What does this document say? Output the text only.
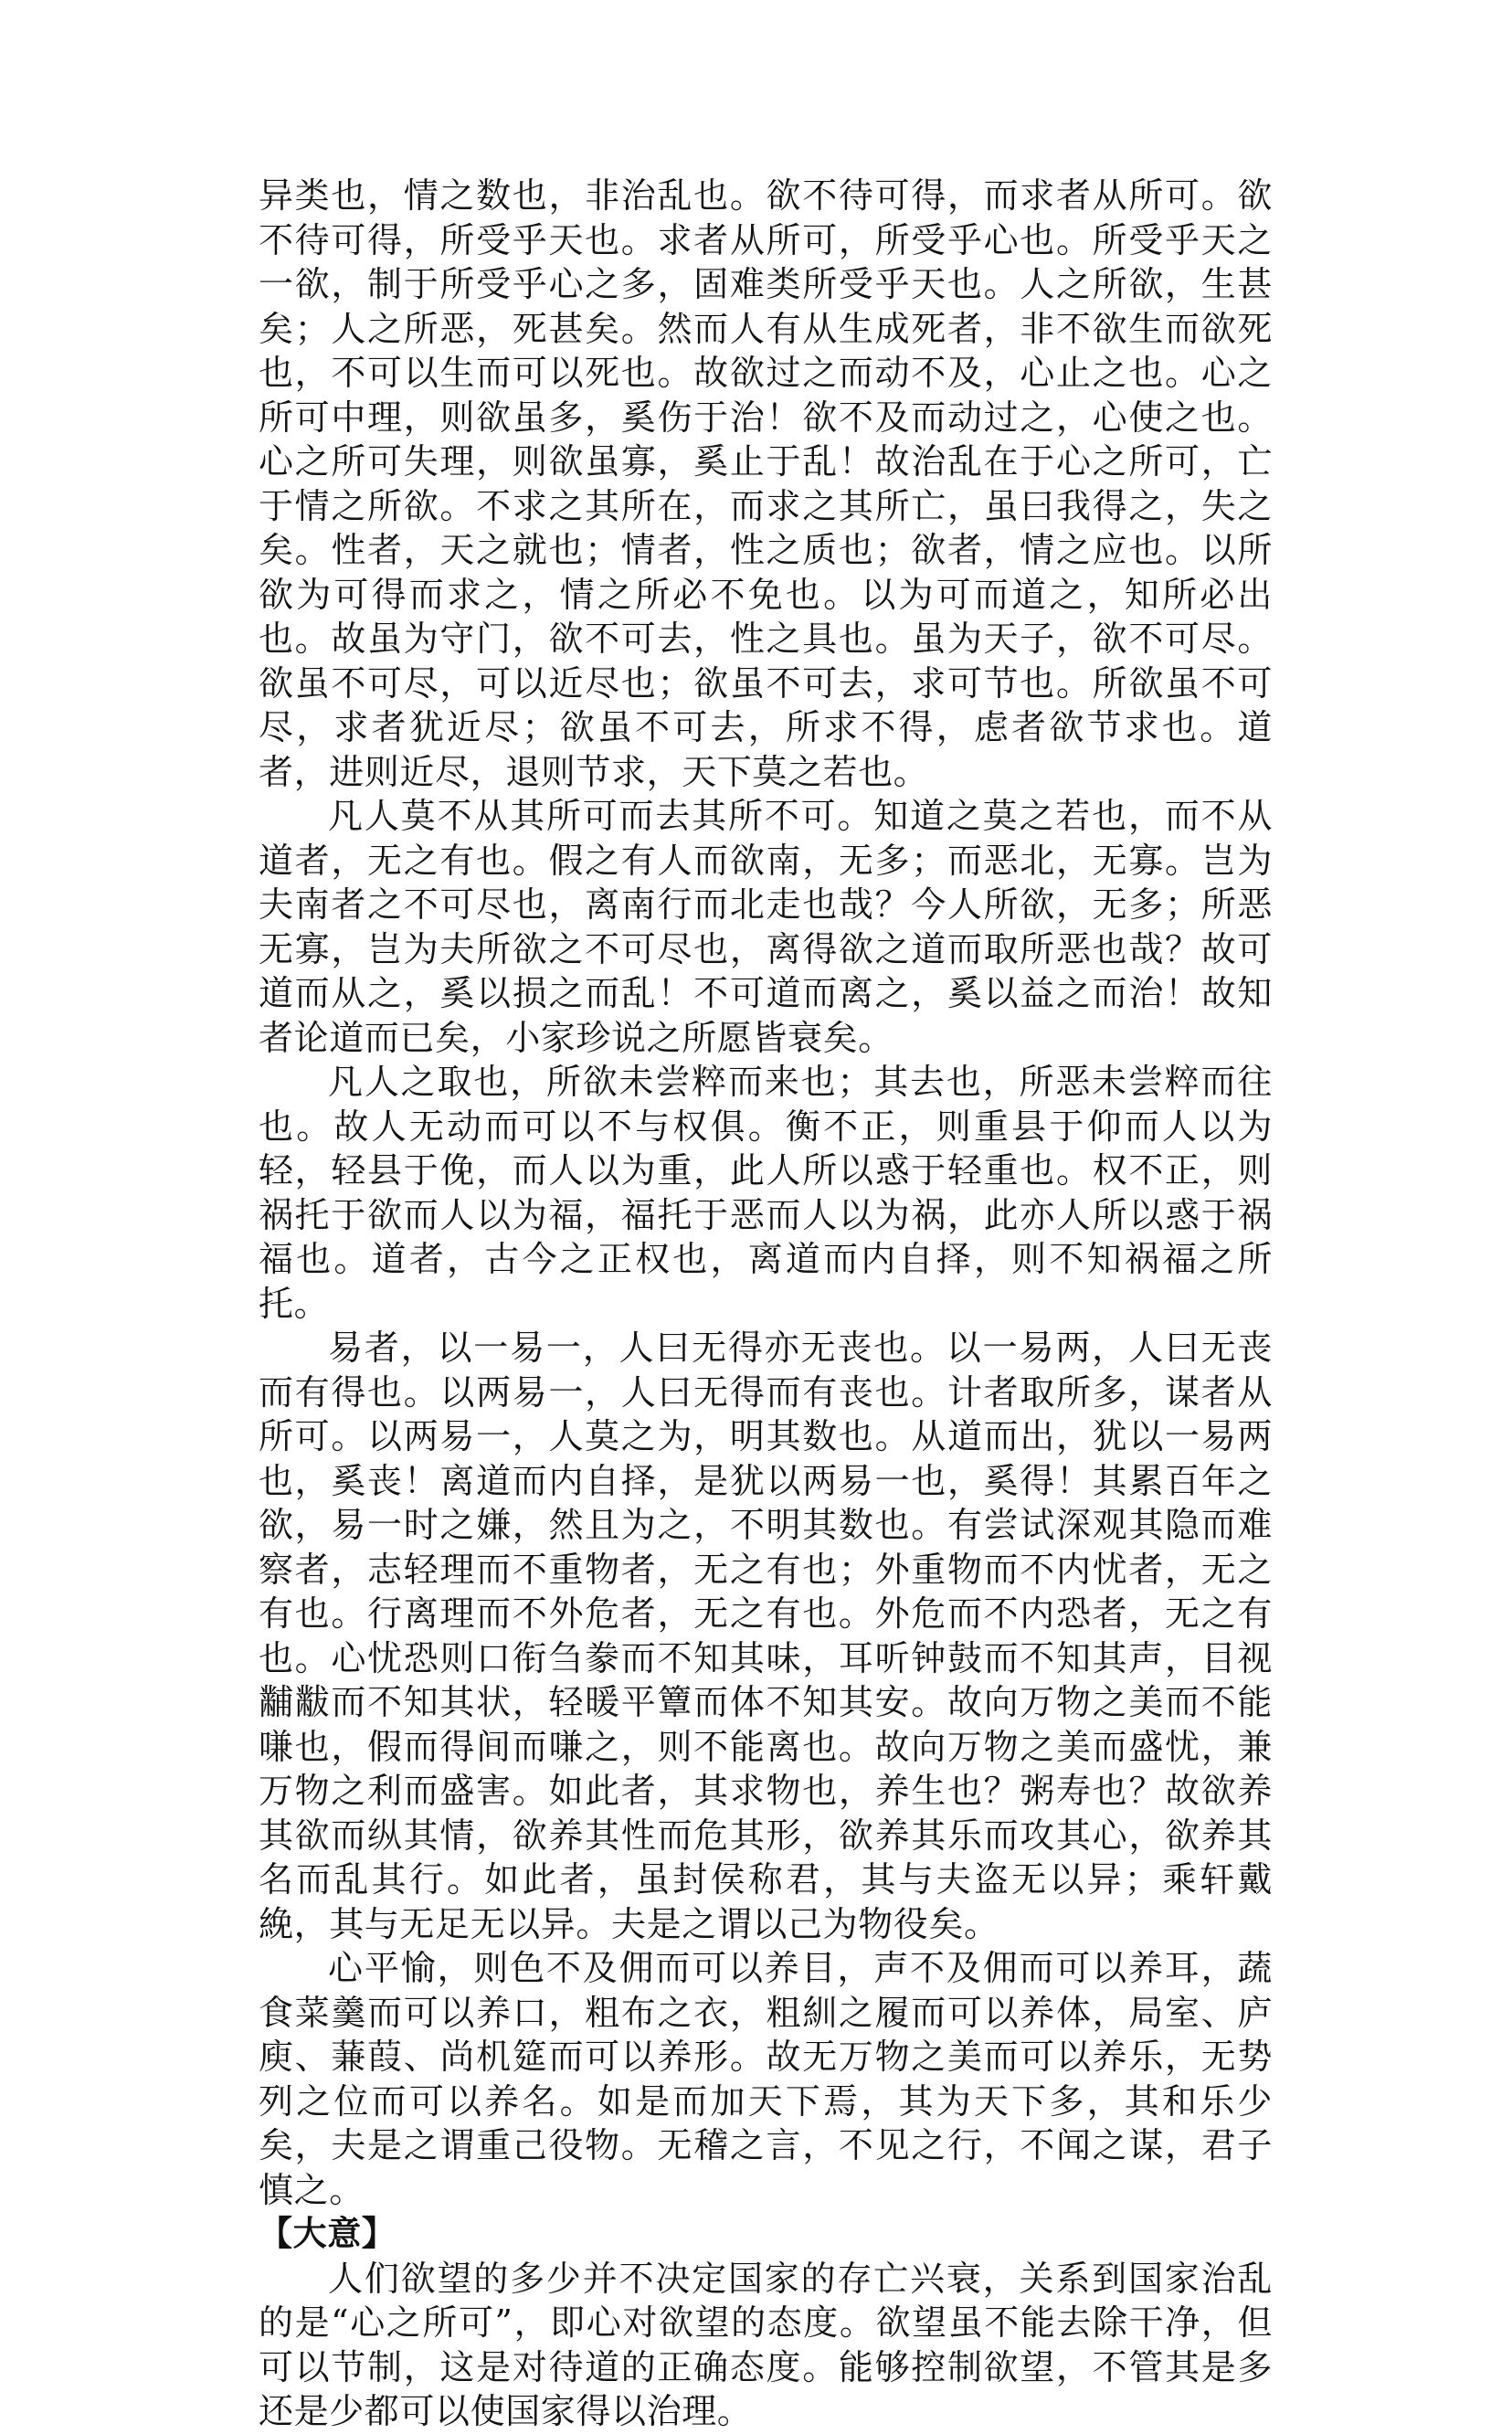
异类也，情之数也，非治乱也。欲不待可得，而求者从所可。欲不待可得，所受乎天也。求者从所可，所受乎心也。所受乎天之一欲，制于所受乎心之多，固难类所受乎天也。人之所欲，生甚矣；人之所恶，死甚矣。然而人有从生成死者，非不欲生而欲死也，不可以生而可以死也。故欲过之而动不及，心止之也。心之所可中理，则欲虽多，奚伤于治！欲不及而动过之，心使之也。心之所可失理，则欲虽寡，奚止于乱！故治乱在于心之所可，亡于情之所欲。不求之其所在，而求之其所亡，虽曰我得之，失之矣。性者，天之就也；情者，性之质也；欲者，情之应也。以所欲为可得而求之，情之所必不免也。以为可而道之，知所必出也。故虽为守门，欲不可去，性之具也。虽为天子，欲不可尽。欲虽不可尽，可以近尽也；欲虽不可去，求可节也。所欲虽不可尽，求者犹近尽；欲虽不可去，所求不得，虑者欲节求也。道者，进则近尽，退则节求，天下莫之若也。

凡人莫不从其所可而去其所不可。知道之莫之若也，而不从道者，无之有也。假之有人而欲南，无多；而恶北，无寡。岂为夫南者之不可尽也，离南行而北走也哉？今人所欲，无多；所恶无寡，岂为夫所欲之不可尽也，离得欲之道而取所恶也哉？故可道而从之，奚以损之而乱！不可道而离之，奚以益之而治！故知者论道而已矣，小家珍说之所愿皆衰矣。

凡人之取也，所欲未尝粹而来也；其去也，所恶未尝粹而往也。故人无动而可以不与权俱。衡不正，则重县于仰而人以为轻，轻县于俛，而人以为重，此人所以惑于轻重也。权不正，则祸托于欲而人以为福，福托于恶而人以为祸，此亦人所以惑于祸福也。道者，古今之正权也，离道而内自择，则不知祸福之所托。

易者，以一易一，人曰无得亦无丧也。以一易两，人曰无丧而有得也。以两易一，人曰无得而有丧也。计者取所多，谋者从所可。以两易一，人莫之为，明其数也。从道而出，犹以一易两也，奚丧！离道而内自择，是犹以两易一也，奚得！其累百年之欲，易一时之嫌，然且为之，不明其数也。有尝试深观其隐而难察者，志轻理而不重物者，无之有也；外重物而不内忧者，无之有也。行离理而不外危者，无之有也。外危而不内恐者，无之有也。心忧恐则口衔刍豢而不知其味，耳听钟鼓而不知其声，目视黼黻而不知其状，轻暖平簟而体不知其安。故向万物之美而不能嗛也，假而得间而嗛之，则不能离也。故向万物之美而盛忧，兼万物之利而盛害。如此者，其求物也，养生也？粥寿也？故欲养其欲而纵其情，欲养其性而危其形，欲养其乐而攻其心，欲养其名而乱其行。如此者，虽封侯称君，其与夫盗无以异；乘轩戴絻，其与无足无以异。夫是之谓以己为物役矣。

心平愉，则色不及佣而可以养目，声不及佣而可以养耳，蔬食菜羹而可以养口，粗布之衣，粗紃之履而可以养体，局室、庐庾、蒹葭、尚机筵而可以养形。故无万物之美而可以养乐，无势列之位而可以养名。如是而加天下焉，其为天下多，其和乐少矣，夫是之谓重己役物。无稽之言，不见之行，不闻之谋，君子慎之。

【大意】

人们欲望的多少并不决定国家的存亡兴衰，关系到国家治乱的是“心之所可”，即心对欲望的态度。欲望虽不能去除干净，但可以节制，这是对待道的正确态度。能够控制欲望，不管其是多还是少都可以使国家得以治理。
